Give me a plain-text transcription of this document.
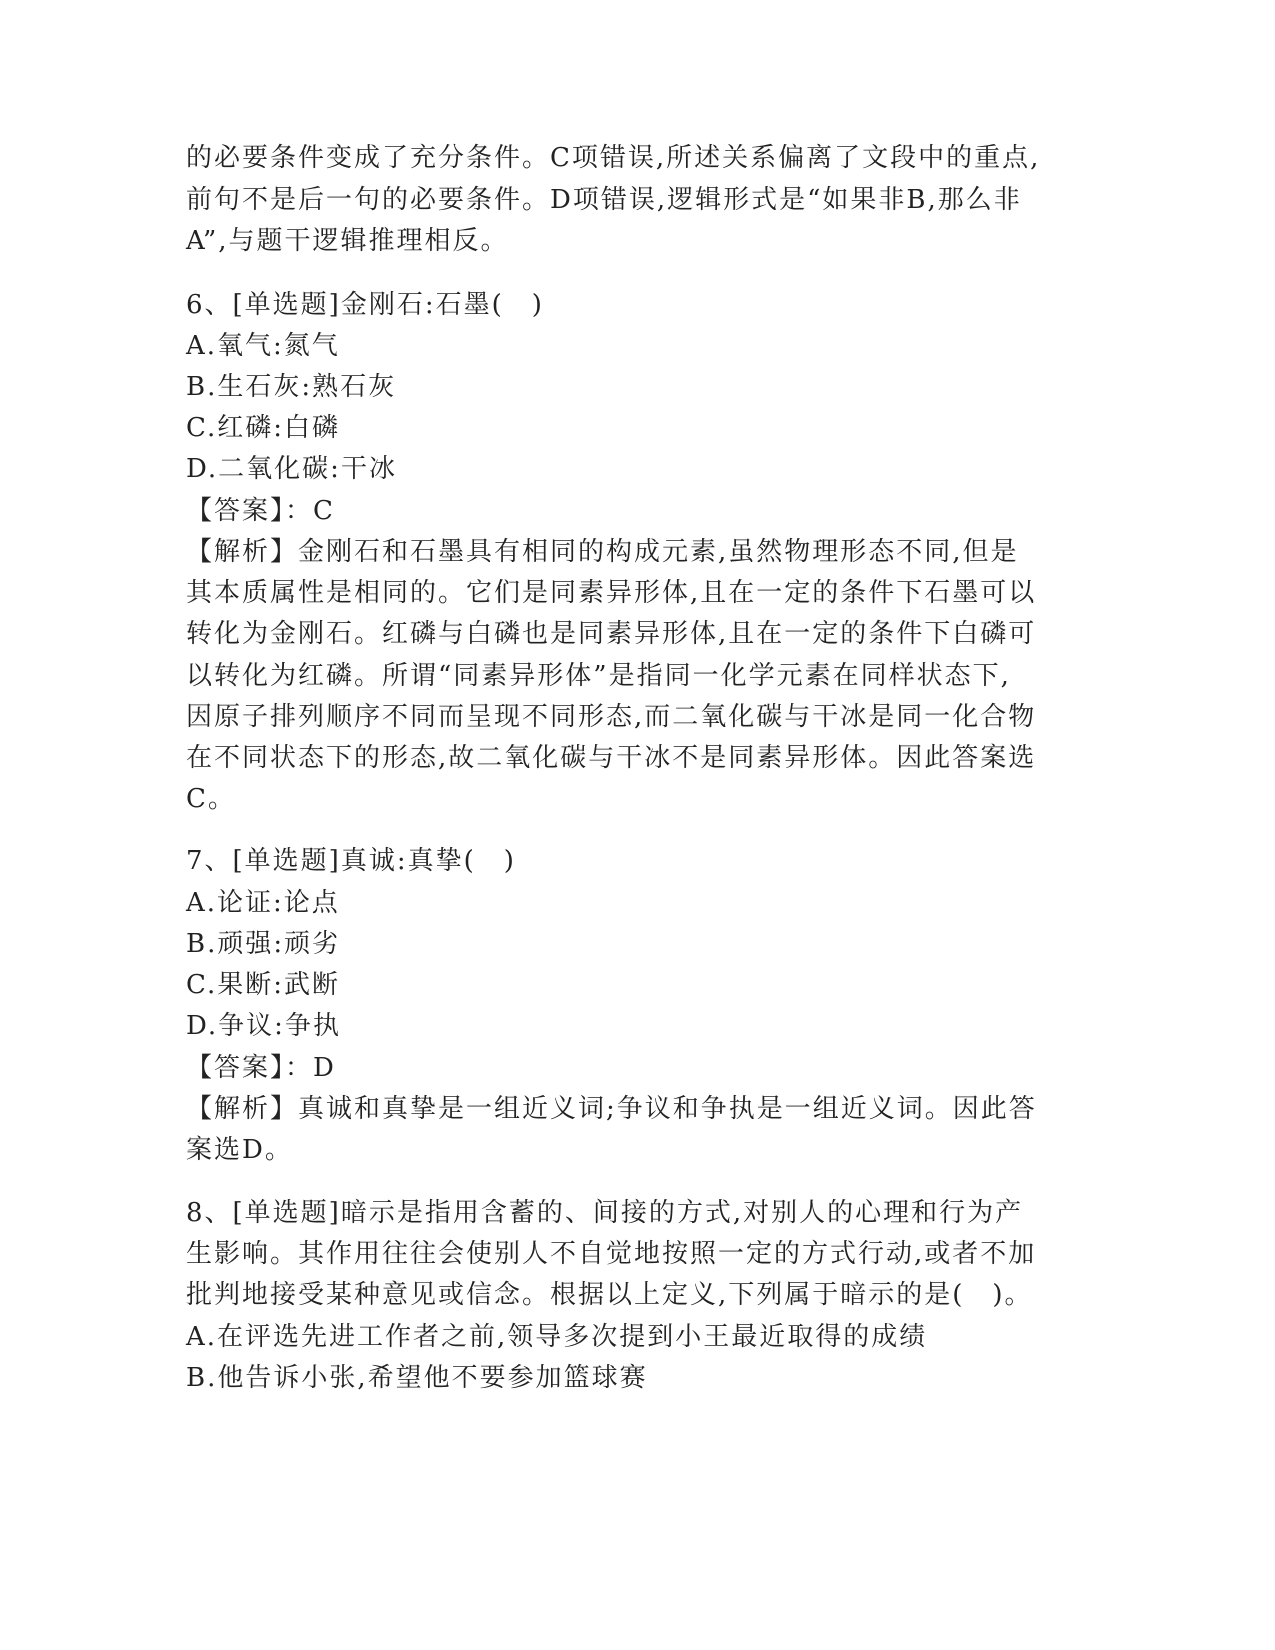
的必要条件变成了充分条件。C项错误,所述关系偏离了文段中的重点,
前句不是后一句的必要条件。D项错误,逻辑形式是“如果非B,那么非
A”,与题干逻辑推理相反。
6、[单选题]金刚石:石墨(　)
A.氧气:氮气
B.生石灰:熟石灰
C.红磷:白磷
D.二氧化碳:干冰
【答案】：C
【解析】金刚石和石墨具有相同的构成元素,虽然物理形态不同,但是
其本质属性是相同的。它们是同素异形体,且在一定的条件下石墨可以
转化为金刚石。红磷与白磷也是同素异形体,且在一定的条件下白磷可
以转化为红磷。所谓“同素异形体”是指同一化学元素在同样状态下,
因原子排列顺序不同而呈现不同形态,而二氧化碳与干冰是同一化合物
在不同状态下的形态,故二氧化碳与干冰不是同素异形体。因此答案选
C。
7、[单选题]真诚:真挚(　)
A.论证:论点
B.顽强:顽劣
C.果断:武断
D.争议:争执
【答案】：D
【解析】真诚和真挚是一组近义词;争议和争执是一组近义词。因此答
案选D。
8、[单选题]暗示是指用含蓄的、间接的方式,对别人的心理和行为产
生影响。其作用往往会使别人不自觉地按照一定的方式行动,或者不加
批判地接受某种意见或信念。根据以上定义,下列属于暗示的是(　)。
A.在评选先进工作者之前,领导多次提到小王最近取得的成绩
B.他告诉小张,希望他不要参加篮球赛
